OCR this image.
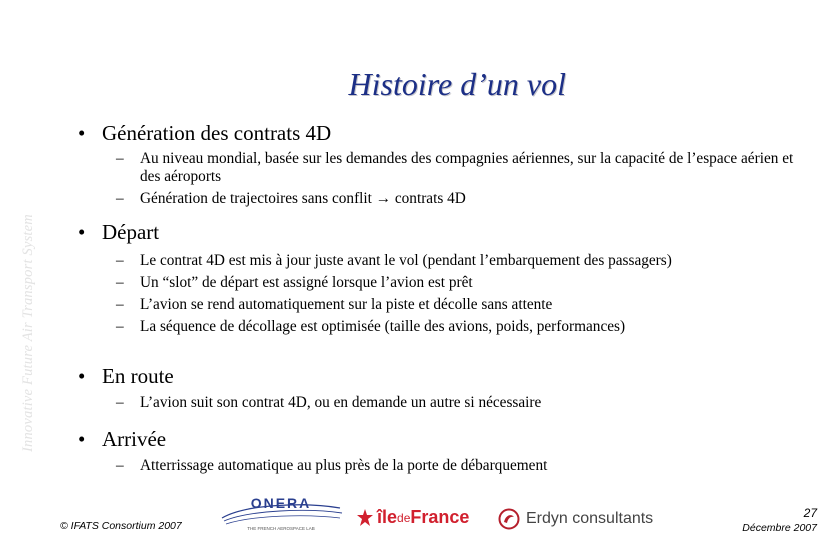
Innovative Future Air Transport System
Histoire d’un vol
• Génération des contrats 4D
–	Au niveau mondial, basée sur les demandes des compagnies aériennes, sur la capacité de l’espace aérien et des aéroports
–	Génération de trajectoires sans conflit → contrats 4D
• Départ
–	Le contrat 4D est mis à jour juste avant le vol (pendant l’embarquement des passagers)
–	Un “slot” de départ est assigné lorsque l’avion est prêt
–	L’avion se rend automatiquement sur la piste et décolle sans attente
–	La séquence de décollage est optimisée (taille des avions, poids, performances)
• En route
–	L’avion suit son contrat 4D, ou en demande un autre si nécessaire
• Arrivée
–	Atterrissage automatique au plus près de la porte de débarquement
© IFATS Consortium 2007
ONERA
THE FRENCH AEROSPACE LAB
île de France	Erdyn consultants	27
Décembre 2007
